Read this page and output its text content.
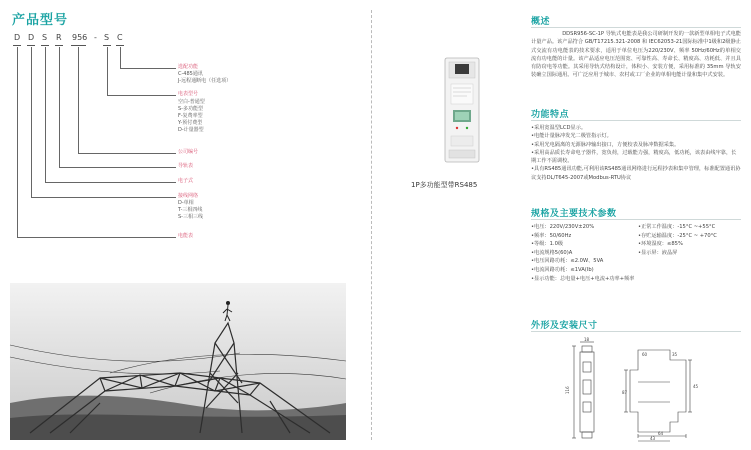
产品型号
D D S R 956 - S C
选配功能
C-485通讯
J-远程通断电（任选项）
电表型号
空白-普通型
S-多功能型
F-复费率型
Y-预付费型
D-计量器型
公司编号
导轨表
电子式
接线网络
D-单相
T-三相四线
S-三相三线
电能表
1P多功能型带RS485
概述
DDSR956-SC-1P 导轨式电能表是我公司研制开发的一款新型单相电子式电能计量产品。该产品符合 GB/T17215.321-2008 和 IEC62053-21国际标准中1级和2级静止式交流有功电能表的技术要求，适用于单位电压为220/230V、频率 50Hz/60Hz的单相交流有功电能的计量。该产品适应电压范围宽、可靠性高、寿命长、精度高、功耗低、并且具有防窃电等功能。其采用导轨式结构设计，体积小、安装方便，采用标准的 35mm 导轨安装确立国际通用。可广泛应用于城市、农村或工厂企业的单相电能计量和集中式安装。
功能特点
•采用宽温型LCD显示。
•电能计量脉冲发光二极管指示灯。
•采用光电隔离的无源脉冲输出接口，方便校表及脉冲数据采集。
•采用高品质长寿命电子器件，宽负荷，过载能力强，精度高，低功耗，该表由线牢靠，长期工作不需调校。
•具有RS485通讯功能,可利用该RS485通讯网络进行远程抄表和集中管理，标准配置通讯协议支持DL/T645-2007或Modbus-RTU协议
规格及主要技术参数
•电压：220V/230V±20%
•频率：50/60Hz
•等级：1.0级
•电流规格5(60)A
•电压回路功耗：≤2.0W、5VA
•电流回路功耗：≤1VA(Ib)
•显示功能：总电量+电压+电流+功率+频率
•正常工作温度：-15°C ~+55°C
•存贮运输温度：-25°C ~ +70°C
•环境湿度：≤85%
•显示屏：液晶屏
外形及安装尺寸
116
18
87
45
64
43
35
60
